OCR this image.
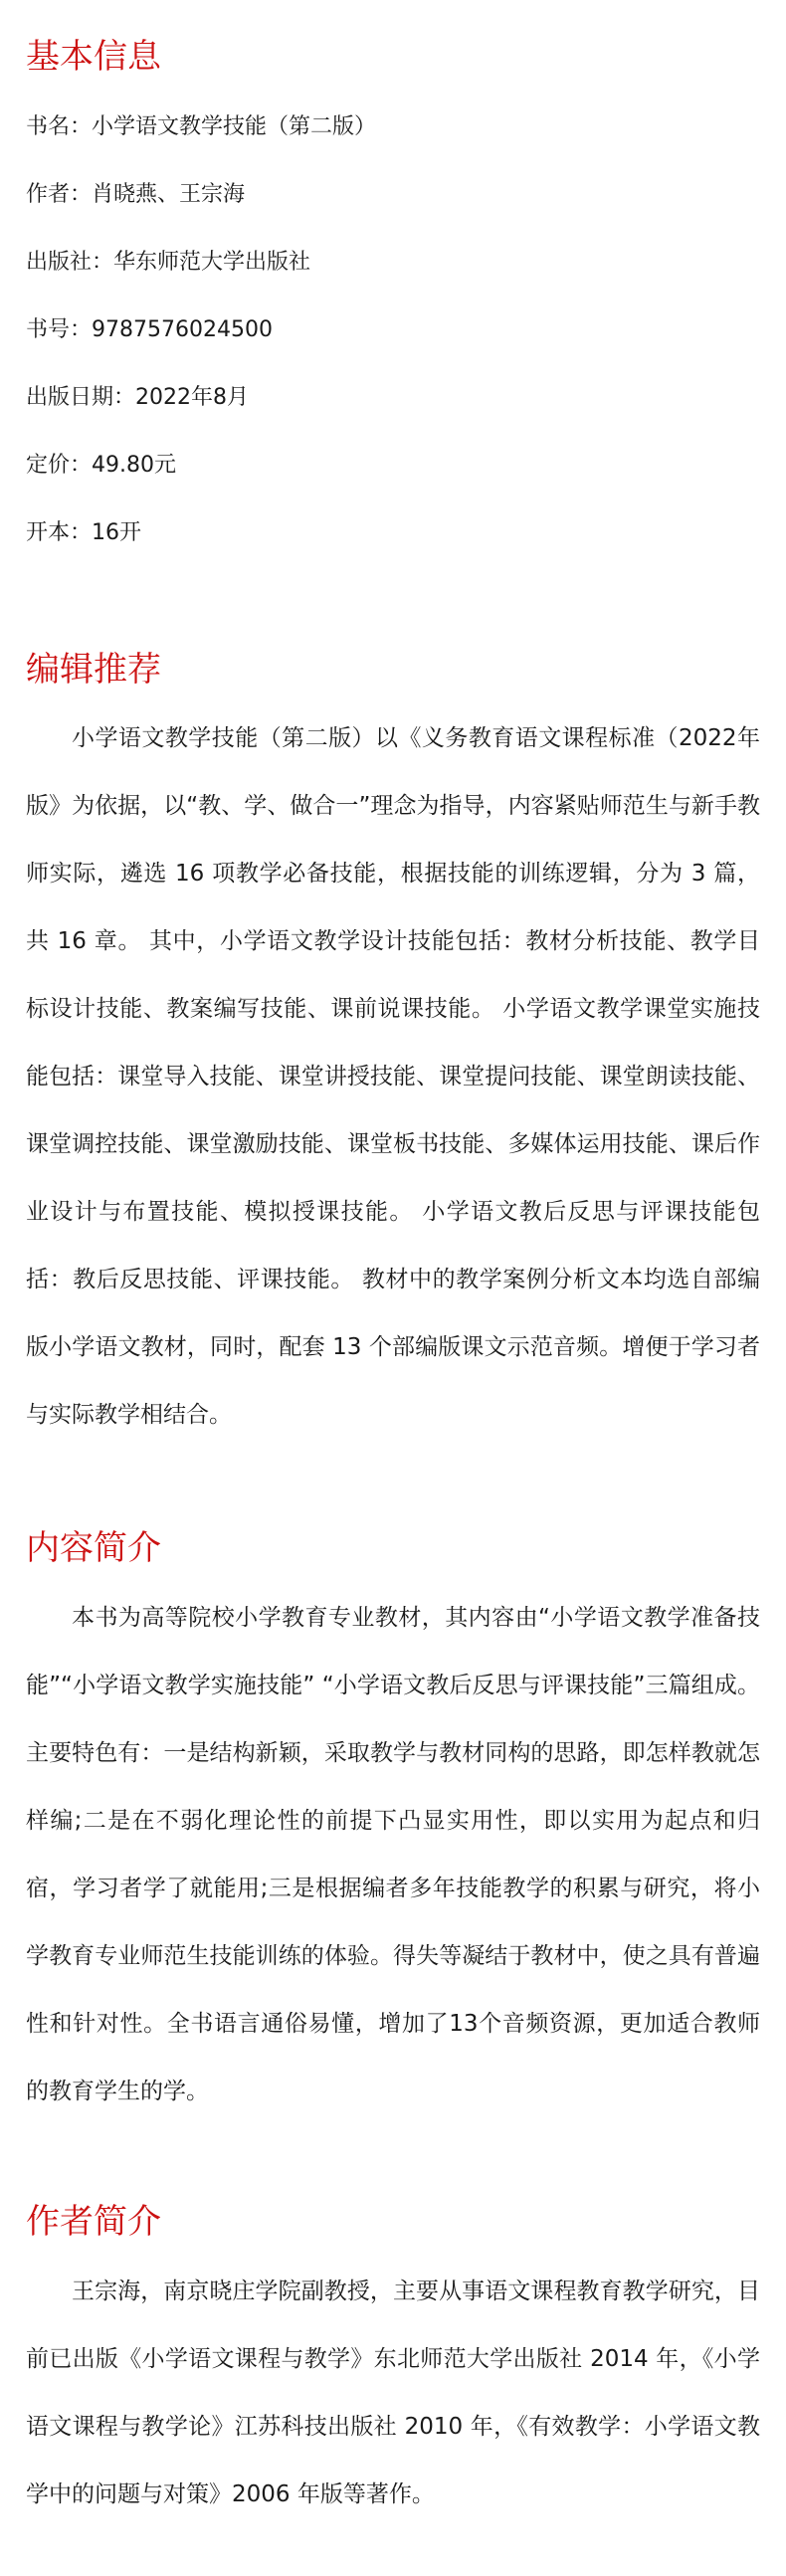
基本信息

书名：小学语文教学技能（第二版）

作者：肖晓燕、王宗海

出版社：华东师范大学出版社

书号：9787576024500

出版日期：2022年8月

定价：49.80元

开本：16开

编辑推荐

小学语文教学技能（第二版）以《义务教育语文课程标准（2022年版》为依据，以“教、学、做合一”理念为指导，内容紧贴师范生与新手教师实际，遴选 16 项教学必备技能，根据技能的训练逻辑，分为 3 篇，共 16 章。 其中，小学语文教学设计技能包括：教材分析技能、教学目标设计技能、教案编写技能、课前说课技能。 小学语文教学课堂实施技能包括：课堂导入技能、课堂讲授技能、课堂提问技能、课堂朗读技能、课堂调控技能、课堂激励技能、课堂板书技能、多媒体运用技能、课后作业设计与布置技能、模拟授课技能。 小学语文教后反思与评课技能包括：教后反思技能、评课技能。 教材中的教学案例分析文本均选自部编版小学语文教材，同时，配套 13 个部编版课文示范音频。增便于学习者与实际教学相结合。

内容简介

本书为高等院校小学教育专业教材，其内容由“小学语文教学准备技能”“小学语文教学实施技能” “小学语文教后反思与评课技能”三篇组成。主要特色有：一是结构新颖，采取教学与教材同构的思路，即怎样教就怎样编;二是在不弱化理论性的前提下凸显实用性，即以实用为起点和归宿，学习者学了就能用;三是根据编者多年技能教学的积累与研究，将小学教育专业师范生技能训练的体验。得失等凝结于教材中，使之具有普遍性和针对性。全书语言通俗易懂，增加了13个音频资源，更加适合教师的教育学生的学。

作者简介

王宗海，南京晓庄学院副教授，主要从事语文课程教育教学研究，目前已出版《小学语文课程与教学》东北师范大学出版社 2014 年，《小学语文课程与教学论》江苏科技出版社 2010 年，《有效教学：小学语文教学中的问题与对策》2006 年版等著作。
